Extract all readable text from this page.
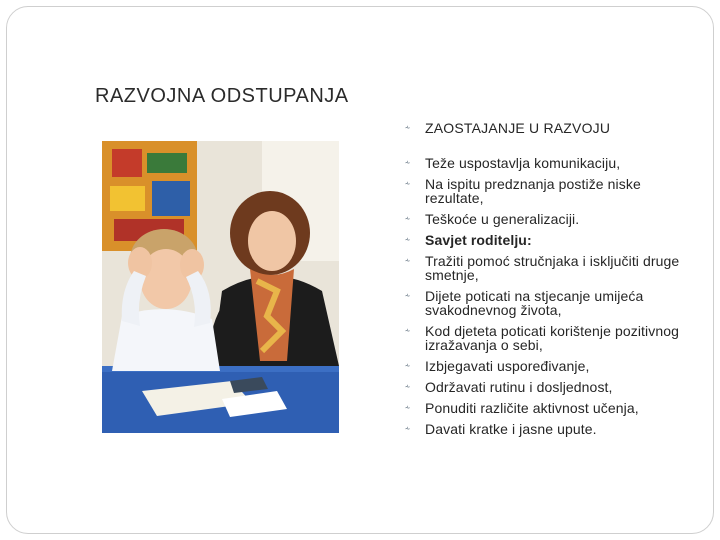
RAZVOJNA ODSTUPANJA
⸞	ZAOSTAJANJE U RAZVOJU
⸞	Teže uspostavlja komunikaciju,
⸞	Na ispitu predznanja postiže niske rezultate,
⸞	Teškoće u generalizaciji.
⸞	Savjet roditelju:
⸞	Tražiti pomoć stručnjaka i isključiti druge smetnje,
⸞	Dijete poticati na stjecanje umijeća svakodnevnog života,
⸞	Kod djeteta poticati korištenje pozitivnog izražavanja o sebi,
⸞	Izbjegavati uspoređivanje,
⸞	Održavati rutinu i dosljednost,
⸞	Ponuditi različite aktivnost učenja,
⸞	Davati kratke i jasne upute.
